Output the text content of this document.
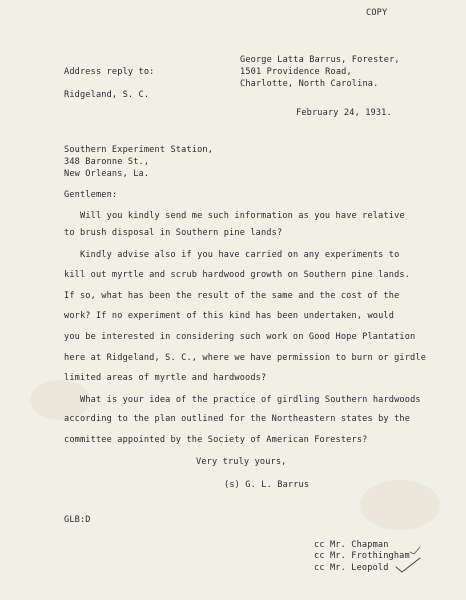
COPY
George Latta Barrus, Forester,
1501 Providence Road,
Charlotte, North Carolina.
Address reply to:
Ridgeland, S. C.
February 24, 1931.
Southern Experiment Station,
348 Baronne St.,
New Orleans, La.
Gentlemen:
Will you kindly send me such information as you have relative
to brush disposal in Southern pine lands?
Kindly advise also if you have carried on any experiments to
kill out myrtle and scrub hardwood growth on Southern pine lands.
If so, what has been the result of the same and the cost of the
work? If no experiment of this kind has been undertaken, would
you be interested in considering such work on Good Hope Plantation
here at Ridgeland, S. C., where we have permission to burn or girdle
limited areas of myrtle and hardwoods?
What is your idea of the practice of girdling Southern hardwoods
according to the plan outlined for the Northeastern states by the
committee appointed by the Society of American Foresters?
Very truly yours,
(s) G. L. Barrus
GLB:D
cc Mr. Chapman
cc Mr. Frothingham
cc Mr. Leopold
